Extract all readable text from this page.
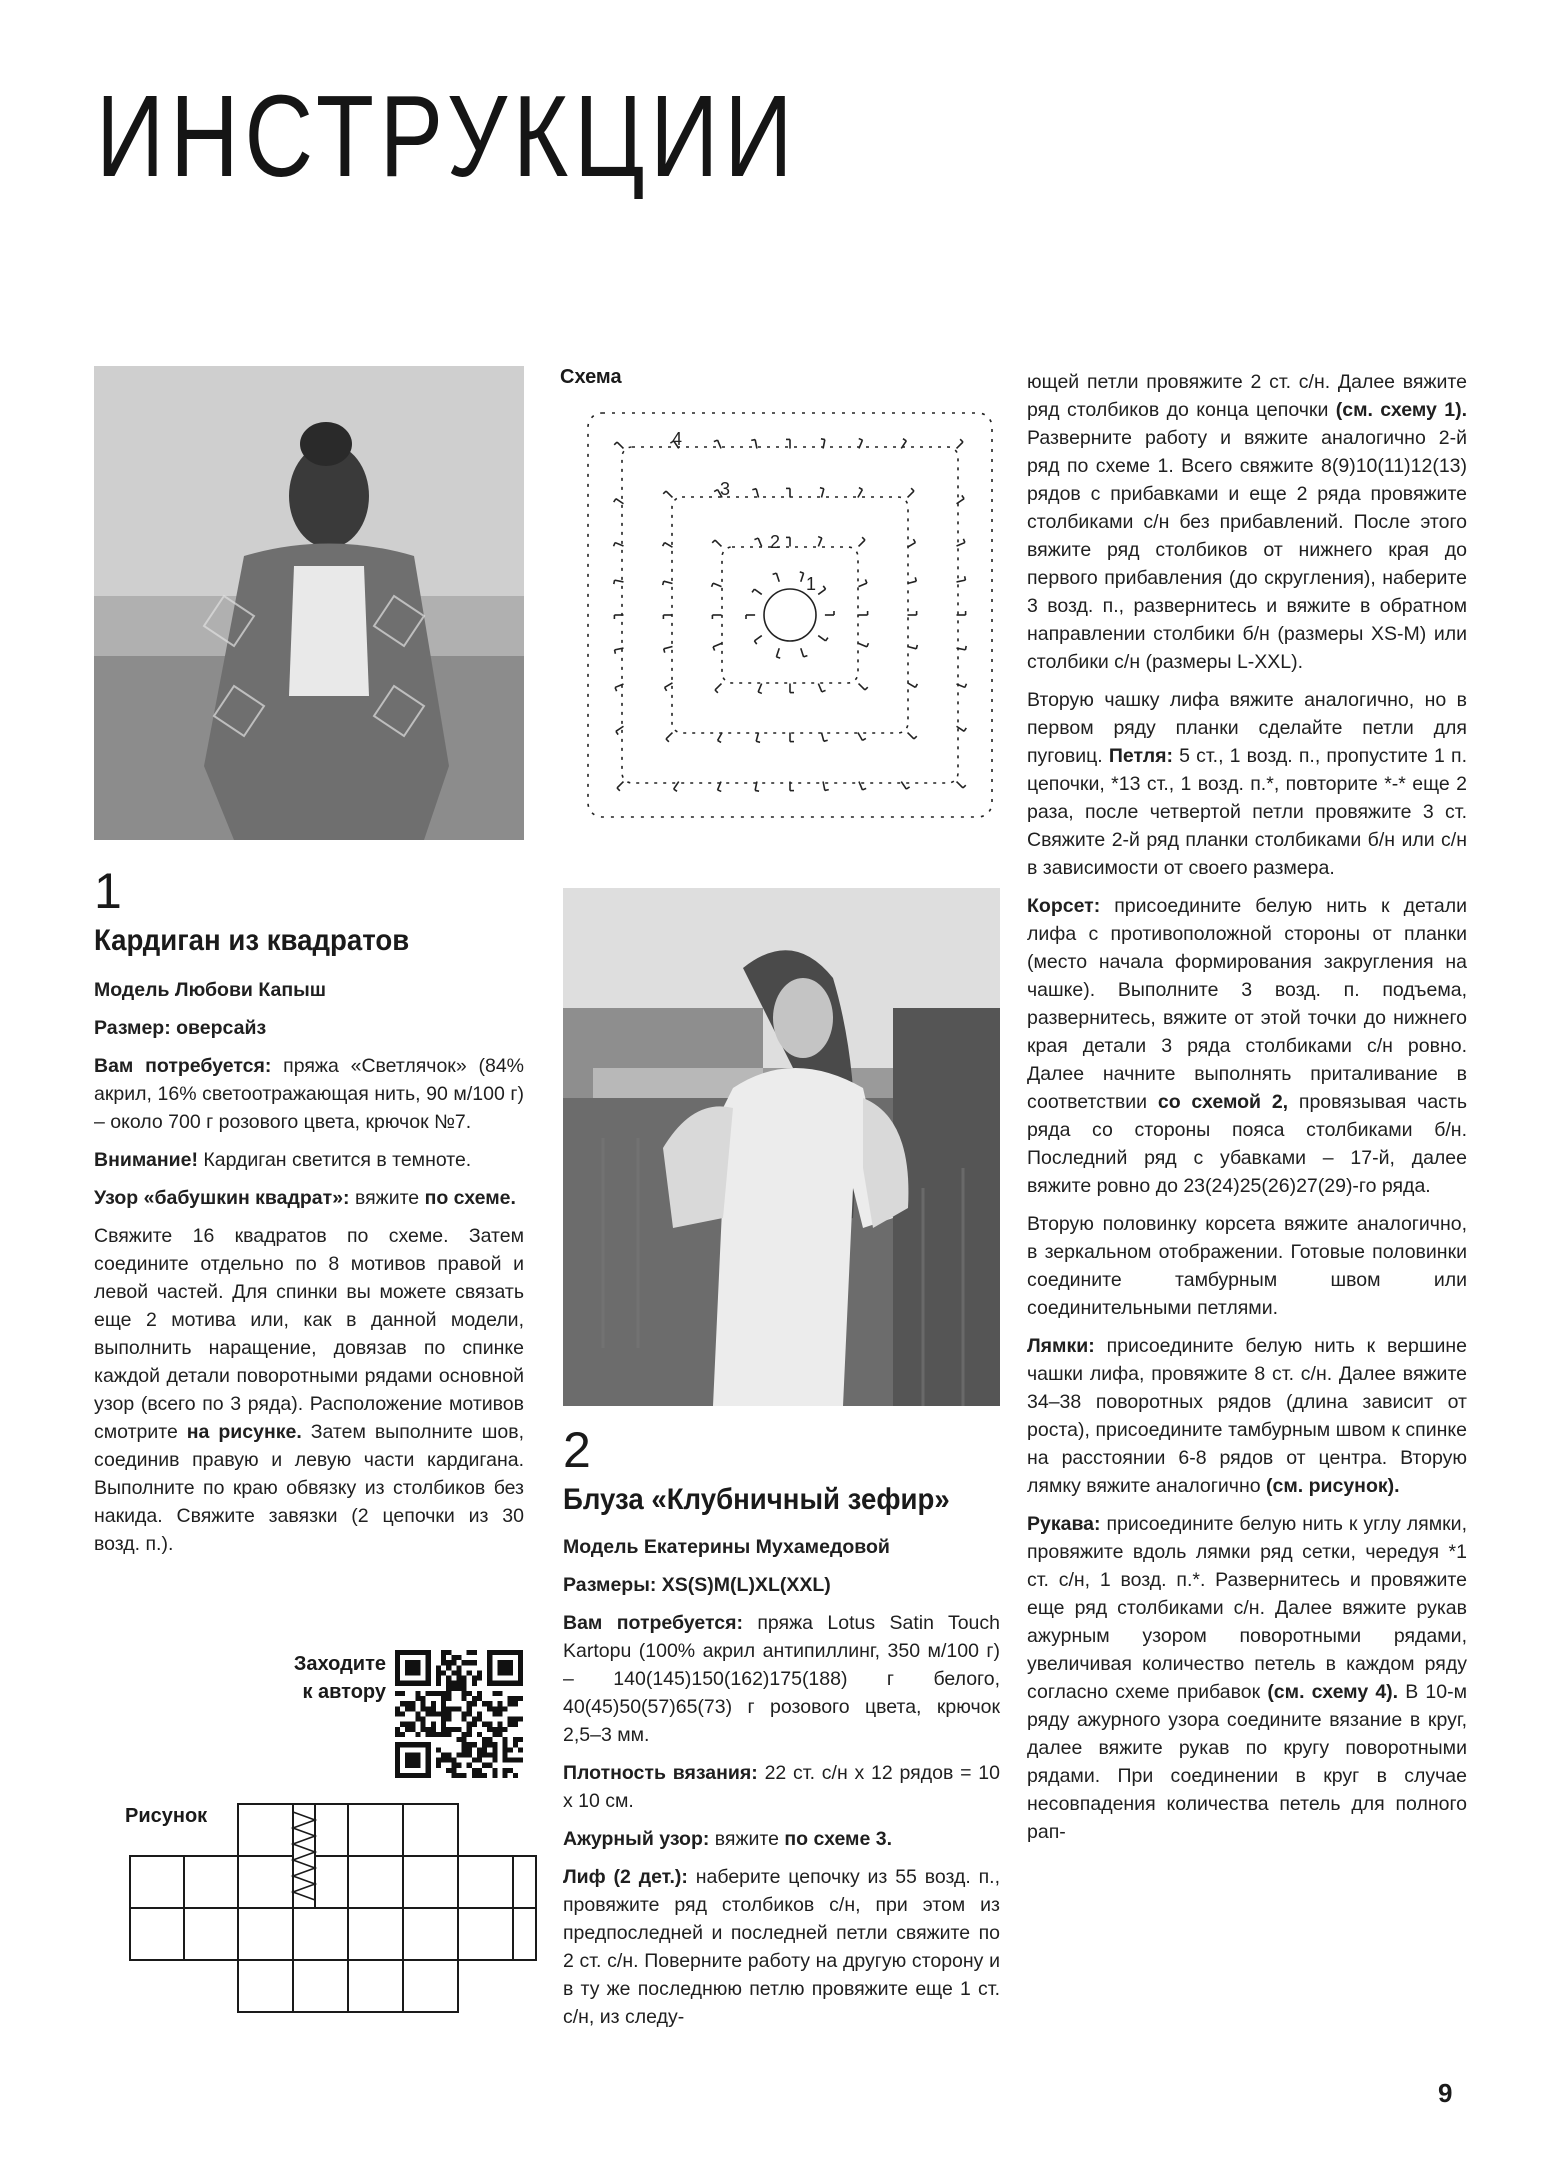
ИНСТРУКЦИИ
Схема
1
2
3
4
1
Кардиган из квадратов

Модель Любови Капыш

Размер: оверсайз

Вам потребуется: пряжа «Светлячок» (84% акрил, 16% светоотражающая нить, 90 м/100 г) – около 700 г розового цвета, крючок №7.

Внимание! Кардиган светится в темноте.

Узор «бабушкин квадрат»: вяжите по схеме.

Свяжите 16 квадратов по схеме. Затем соедините отдельно по 8 мотивов правой и левой частей. Для спинки вы можете связать еще 2 мотива или, как в данной модели, выполнить наращение, довязав по спинке каждой детали поворотными рядами основной узор (всего по 3 ряда). Расположение мотивов смотрите на рисунке. Затем выполните шов, соединив правую и левую части кардигана. Выполните по краю обвязку из столбиков без накида. Свяжите завязки (2 цепочки из 30 возд. п.).

Заходите
к автору
Рисунок
2
Блуза «Клубничный зефир»

Модель Екатерины Мухамедовой

Размеры: XS(S)M(L)XL(XXL)

Вам потребуется: пряжа Lotus Satin Touch Kartopu (100% акрил антипиллинг, 350 м/100 г) – 140(145)150(162)175(188) г белого, 40(45)50(57)65(73) г розового цвета, крючок 2,5–3 мм.

Плотность вязания: 22 ст. с/н х 12 рядов = 10 х 10 см.

Ажурный узор: вяжите по схеме 3.

Лиф (2 дет.): наберите цепочку из 55 возд. п., провяжите ряд столбиков с/н, при этом из предпоследней и последней петли свяжите по 2 ст. с/н. Поверните работу на другую сторону и в ту же последнюю петлю провяжите еще 1 ст. с/н, из следу-

ющей петли провяжите 2 ст. с/н. Далее вяжите ряд столбиков до конца цепочки (см. схему 1). Разверните работу и вяжите аналогично 2-й ряд по схеме 1. Всего свяжите 8(9)10(11)12(13) рядов с прибавками и еще 2 ряда провяжите столбиками с/н без прибавлений. После этого вяжите ряд столбиков от нижнего края до первого прибавления (до скругления), наберите 3 возд. п., развернитесь и вяжите в обратном направлении столбики б/н (размеры XS-M) или столбики с/н (размеры L-XXL).

Вторую чашку лифа вяжите аналогично, но в первом ряду планки сделайте петли для пуговиц. Петля: 5 ст., 1 возд. п., пропустите 1 п. цепочки, *13 ст., 1 возд. п.*, повторите *-* еще 2 раза, после четвертой петли провяжите 3 ст. Свяжите 2-й ряд планки столбиками б/н или с/н в зависимости от своего размера.

Корсет: присоедините белую нить к детали лифа с противоположной стороны от планки (место начала формирования закругления на чашке). Выполните 3 возд. п. подъема, развернитесь, вяжите от этой точки до нижнего края детали 3 ряда столбиками с/н ровно. Далее начните выполнять приталивание в соответствии со схемой 2, провязывая часть ряда со стороны пояса столбиками б/н. Последний ряд с убавками – 17-й, далее вяжите ровно до 23(24)25(26)27(29)-го ряда.

Вторую половинку корсета вяжите аналогично, в зеркальном отображении. Готовые половинки соедините тамбурным швом или соединительными петлями.

Лямки: присоедините белую нить к вершине чашки лифа, провяжите 8 ст. с/н. Далее вяжите 34–38 поворотных рядов (длина зависит от роста), присоедините тамбурным швом к спинке на расстоянии 6-8 рядов от центра. Вторую лямку вяжите аналогично (см. рисунок).

Рукава: присоедините белую нить к углу лямки, провяжите вдоль лямки ряд сетки, чередуя *1 ст. с/н, 1 возд. п.*. Развернитесь и провяжите еще ряд столбиками с/н. Далее вяжите рукав ажурным узором поворотными рядами, увеличивая количество петель в каждом ряду согласно схеме прибавок (см. схему 4). В 10-м ряду ажурного узора соедините вязание в круг, далее вяжите рукав по кругу поворотными рядами. При соединении в круг в случае несовпадения количества петель для полного рап-

9
